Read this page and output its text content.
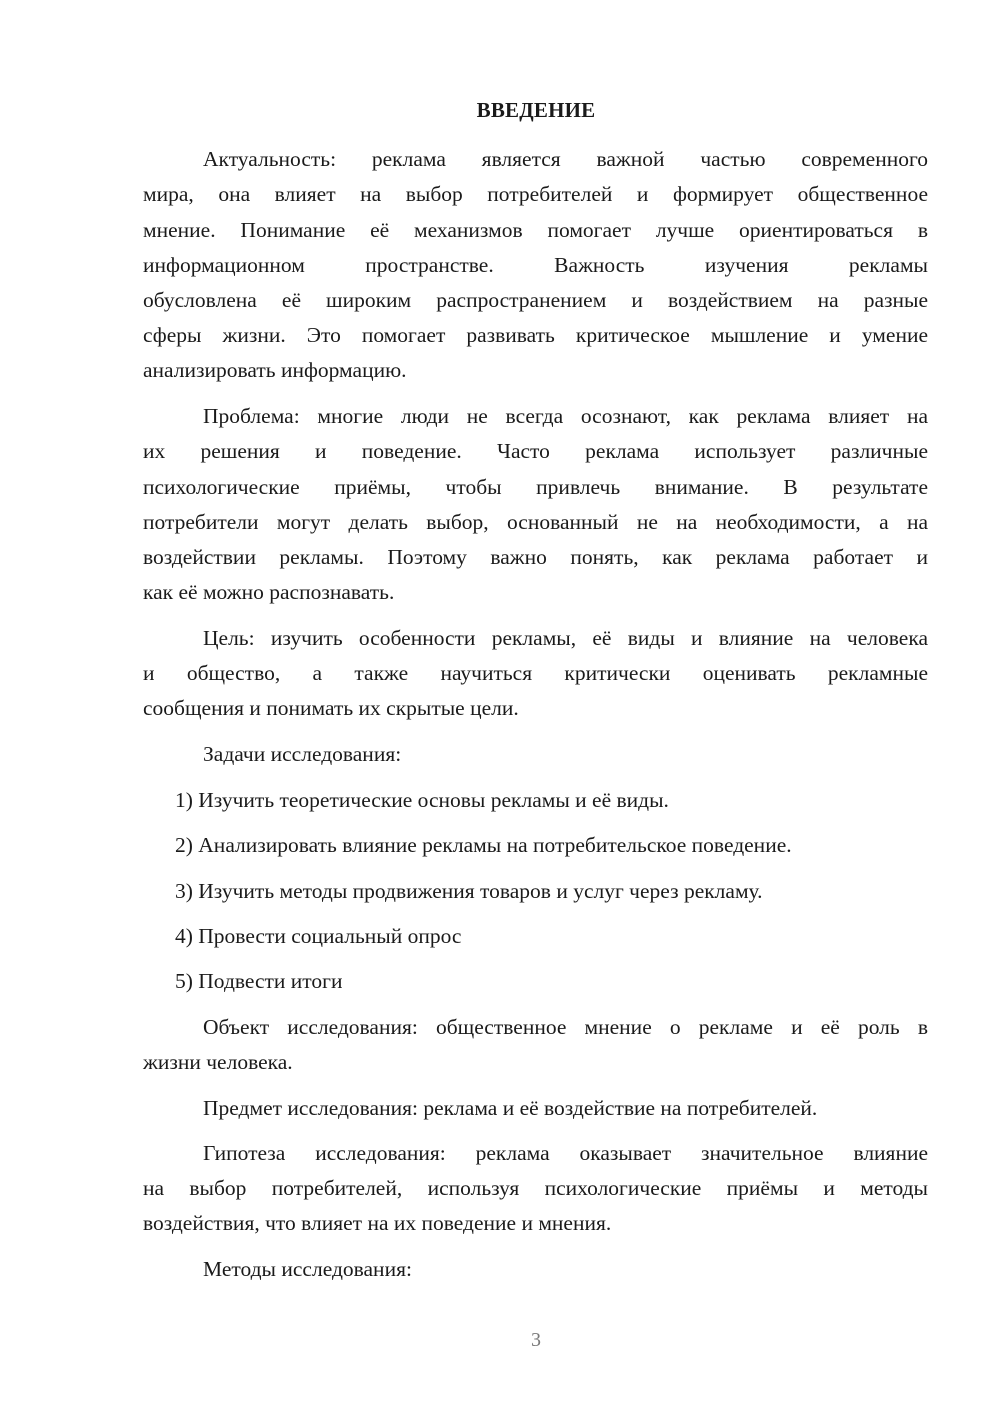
ВВЕДЕНИЕ
Актуальность: реклама является важной частью современного
мира, она влияет на выбор потребителей и формирует общественное
мнение. Понимание её механизмов помогает лучше ориентироваться в
информационном пространстве. Важность изучения рекламы
обусловлена её широким распространением и воздействием на разные
сферы жизни. Это помогает развивать критическое мышление и умение
анализировать информацию.
Проблема: многие люди не всегда осознают, как реклама влияет на
их решения и поведение. Часто реклама использует различные
психологические приёмы, чтобы привлечь внимание. В результате
потребители могут делать выбор, основанный не на необходимости, а на
воздействии рекламы. Поэтому важно понять, как реклама работает и
как её можно распознавать.
Цель: изучить особенности рекламы, её виды и влияние на человека
и общество, а также научиться критически оценивать рекламные
сообщения и понимать их скрытые цели.
Задачи исследования:
1) Изучить теоретические основы рекламы и её виды.
2) Анализировать влияние рекламы на потребительское поведение.
3) Изучить методы продвижения товаров и услуг через рекламу.
4) Провести социальный опрос
5) Подвести итоги
Объект исследования: общественное мнение о рекламе и её роль в
жизни человека.
Предмет исследования: реклама и её воздействие на потребителей.
Гипотеза исследования: реклама оказывает значительное влияние
на выбор потребителей, используя психологические приёмы и методы
воздействия, что влияет на их поведение и мнения.
Методы исследования:
3
